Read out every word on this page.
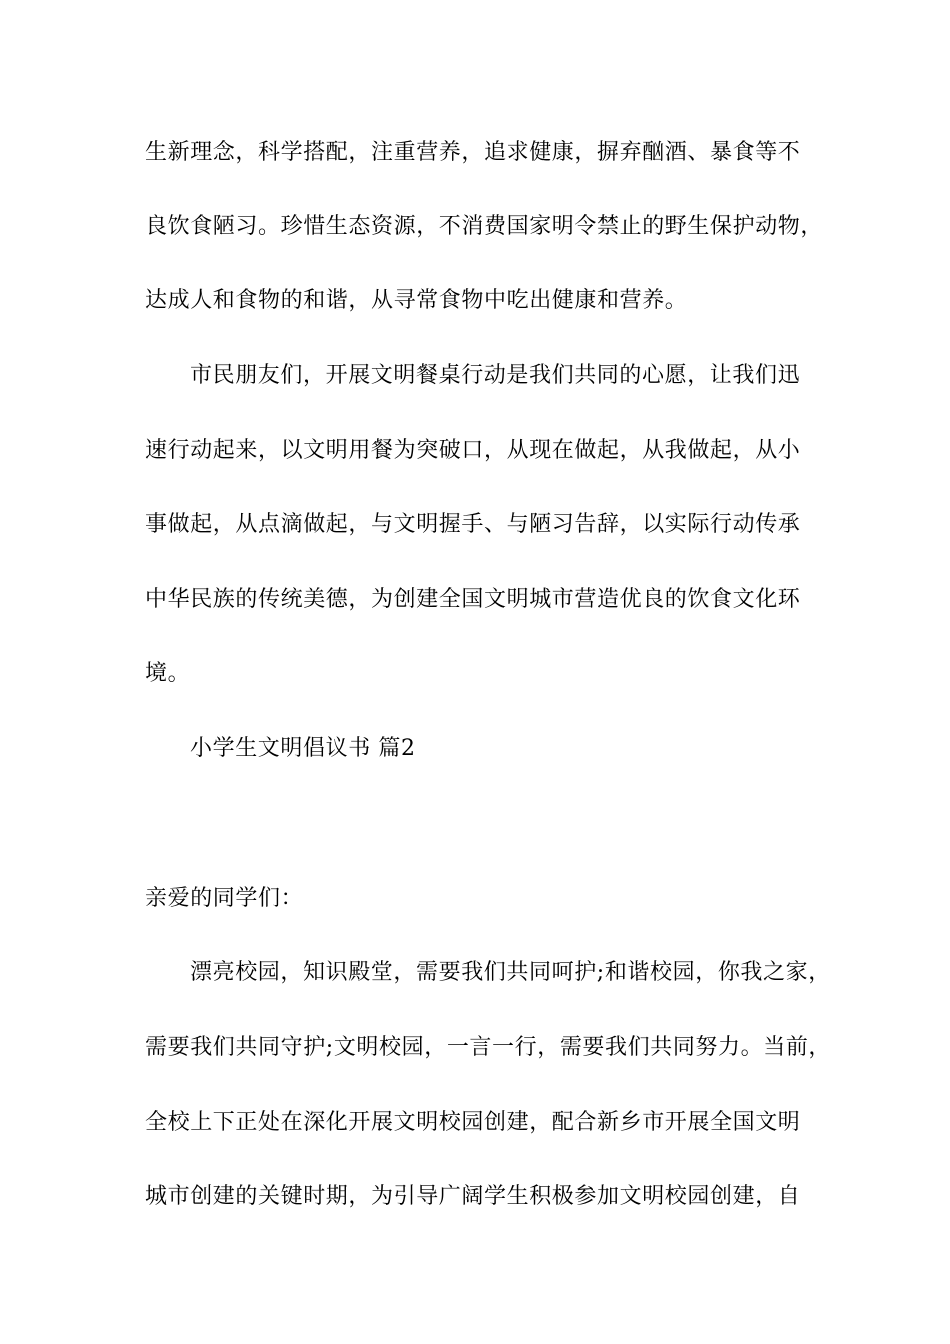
生新理念，科学搭配，注重营养，追求健康，摒弃酗酒、暴食等不
良饮食陋习。珍惜生态资源，不消费国家明令禁止的野生保护动物，
达成人和食物的和谐，从寻常食物中吃出健康和营养。
市民朋友们，开展文明餐桌行动是我们共同的心愿，让我们迅
速行动起来，以文明用餐为突破口，从现在做起，从我做起，从小
事做起，从点滴做起，与文明握手、与陋习告辞，以实际行动传承
中华民族的传统美德，为创建全国文明城市营造优良的饮食文化环
境。
小学生文明倡议书 篇2
亲爱的同学们：
漂亮校园，知识殿堂，需要我们共同呵护;和谐校园，你我之家，
需要我们共同守护;文明校园，一言一行，需要我们共同努力。当前，
全校上下正处在深化开展文明校园创建，配合新乡市开展全国文明
城市创建的关键时期，为引导广阔学生积极参加文明校园创建，自
